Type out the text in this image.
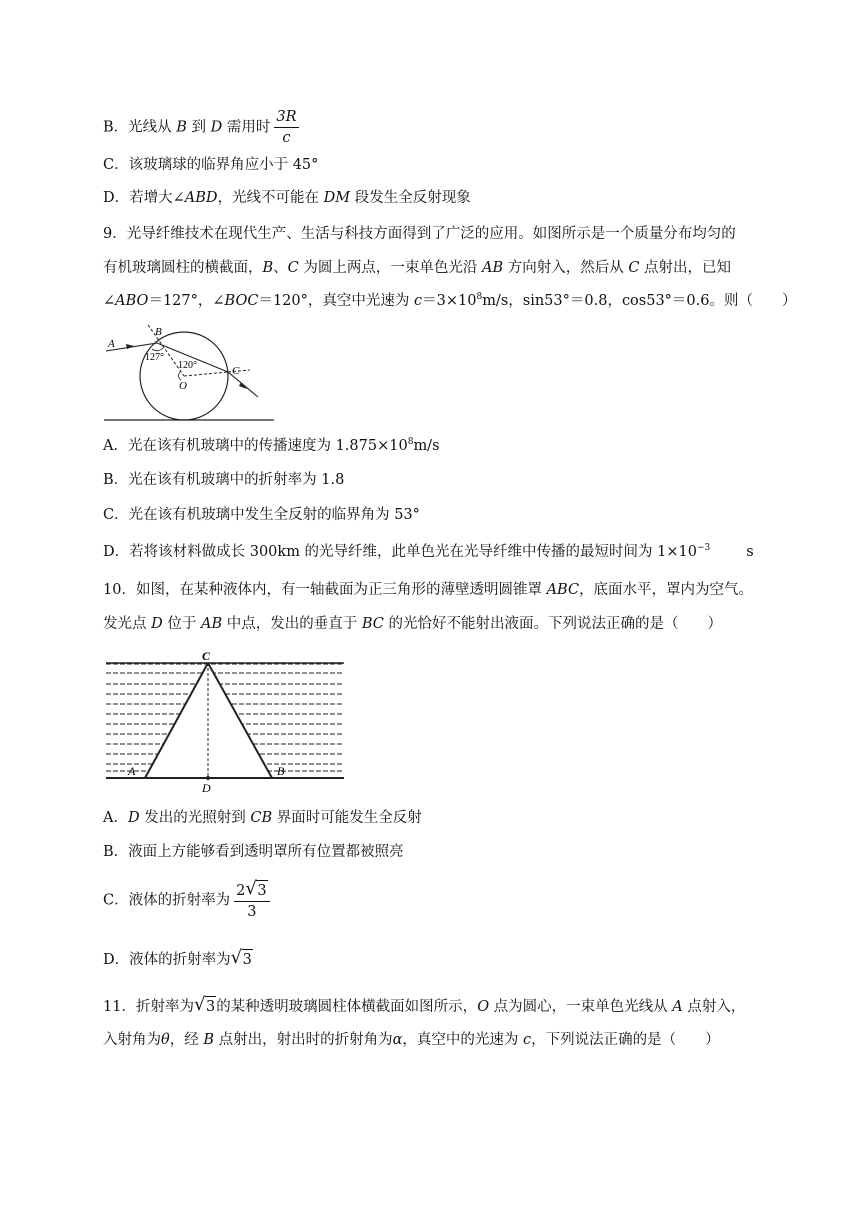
B．光线从 B 到 D 需用时 $\frac{3R}{c}$
C．该玻璃球的临界角应小于 45°
D．若增大∠ABD，光线不可能在 DM 段发生全反射现象
9．光导纤维技术在现代生产、生活与科技方面得到了广泛的应用。如图所示是一个质量分布均匀的
有机玻璃圆柱的横截面，B、C 为圆上两点，一束单色光沿 AB 方向射入，然后从 C 点射出，已知
∠ABO＝127°，∠BOC＝120°，真空中光速为 $c=3\times 10^8m/s$，sin53°＝0.8，cos53°＝0.6。则（　　）
A
B
127°
120°
O
C
A．光在该有机玻璃中的传播速度为 $1.875\times 10^8m/s$
B．光在该有机玻璃中的折射率为 1.8
C．光在该有机玻璃中发生全反射的临界角为 53°
D．若将该材料做成长 300km 的光导纤维，此单色光在光导纤维中传播的最短时间为 $1\times 10^{-3}$ s
10．如图，在某种液体内，有一轴截面为正三角形的薄壁透明圆锥罩 ABC，底面水平，罩内为空气。
发光点 D 位于 AB 中点，发出的垂直于 BC 的光恰好不能射出液面。下列说法正确的是（　　）
C
A	B
D
A．D 发出的光照射到 CB 界面时可能发生全反射
B．液面上方能够看到透明罩所有位置都被照亮
C．液体的折射率为 $\frac{2 √ 3}{3}$
D．液体的折射率为 √ 3
11．折射率为 √ 3的某种透明玻璃圆柱体横截面如图所示，O 点为圆心，一束单色光线从 A 点射入，
入射角为θ，经 B 点射出，射出时的折射角为α，真空中的光速为 c，下列说法正确的是（　　）
